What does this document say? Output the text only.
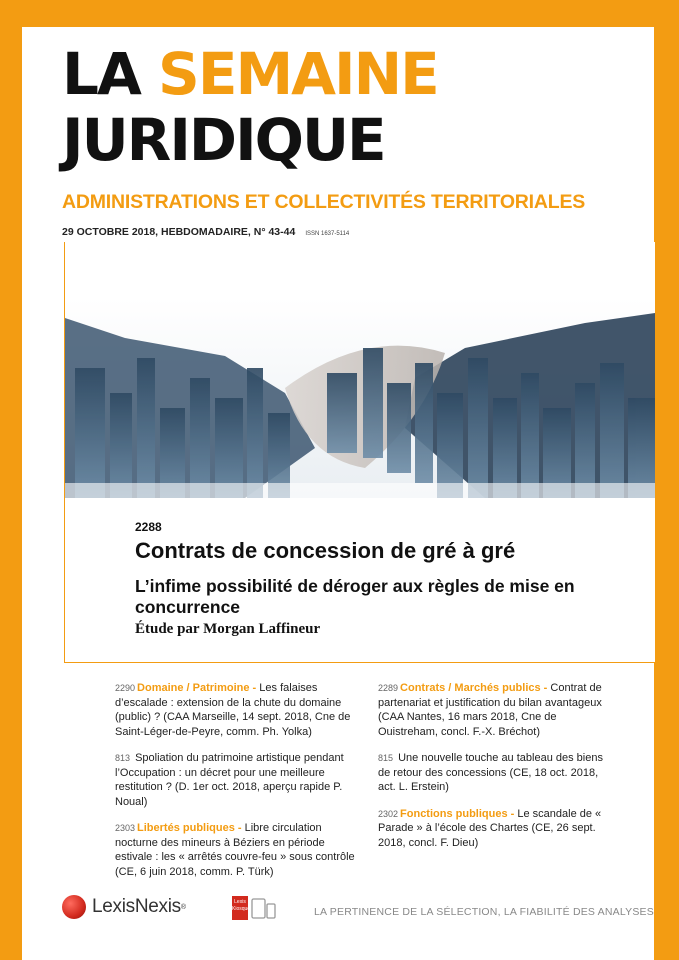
LA SEMAINE
JURIDIQUE
ADMINISTRATIONS ET COLLECTIVITÉS TERRITORIALES
29 OCTOBRE 2018, HEBDOMADAIRE, N° 43-44 ISSN 1637-5114
2288
Contrats de concession de gré à gré
L’infime possibilité de déroger aux règles de mise en concurrence
Étude par Morgan Laffineur
2290 Domaine / Patrimoine - Les falaises d’escalade : extension de la chute du domaine (public) ? (CAA Marseille, 14 sept. 2018, Cne de Saint-Léger-de-Peyre, comm. Ph. Yolka)
813 Spoliation du patrimoine artistique pendant l’Occupation : un décret pour une meilleure restitution ? (D. 1er oct. 2018, aperçu rapide P. Noual)
2303 Libertés publiques - Libre circulation nocturne des mineurs à Béziers en période estivale : les « arrêtés couvre-feu » sous contrôle (CE, 6 juin 2018, comm. P. Türk)
2289 Contrats / Marchés publics - Contrat de partenariat et justification du bilan avantageux (CAA Nantes, 16 mars 2018, Cne de Ouistreham, concl. F.-X. Bréchot)
815 Une nouvelle touche au tableau des biens de retour des concessions (CE, 18 oct. 2018, act. L. Erstein)
2302 Fonctions publiques - Le scandale de « Parade » à l’école des Chartes (CE, 26 sept. 2018, concl. F. Dieu)
LexisNexis ®
Lexis
Kiosque	LA PERTINENCE DE LA SÉLECTION, LA FIABILITÉ DES ANALYSES
